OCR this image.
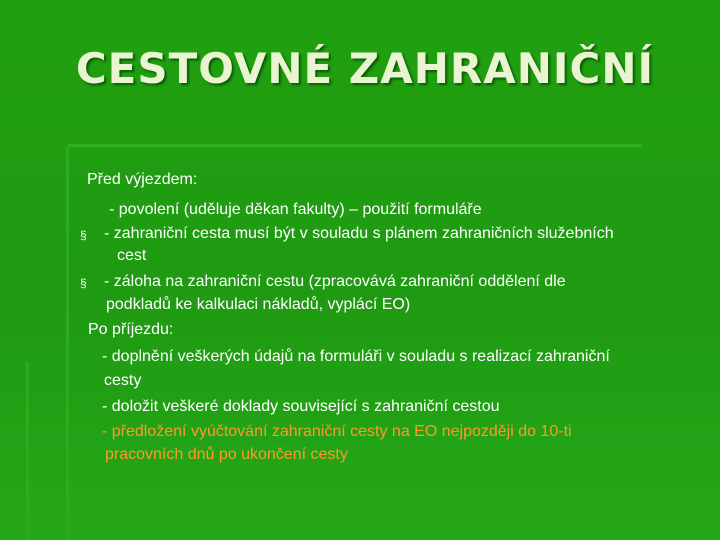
CESTOVNÉ ZAHRANIČNÍ
Před výjezdem:
- povolení (uděluje děkan fakulty) – použití formuláře
§ - zahraniční cesta musí být v souladu s plánem zahraničních služebních
cest
§ - záloha na zahraniční cestu (zpracovává zahraniční oddělení dle
podkladů ke kalkulaci nákladů, vyplácí EO)
Po příjezdu:
- doplnění veškerých údajů na formuláři v souladu s realizací zahraniční
cesty
- doložit veškeré doklady související s zahraniční cestou
- předložení vyúčtování zahraniční cesty na EO nejpozději do 10-ti
pracovních dnů po ukončení cesty
